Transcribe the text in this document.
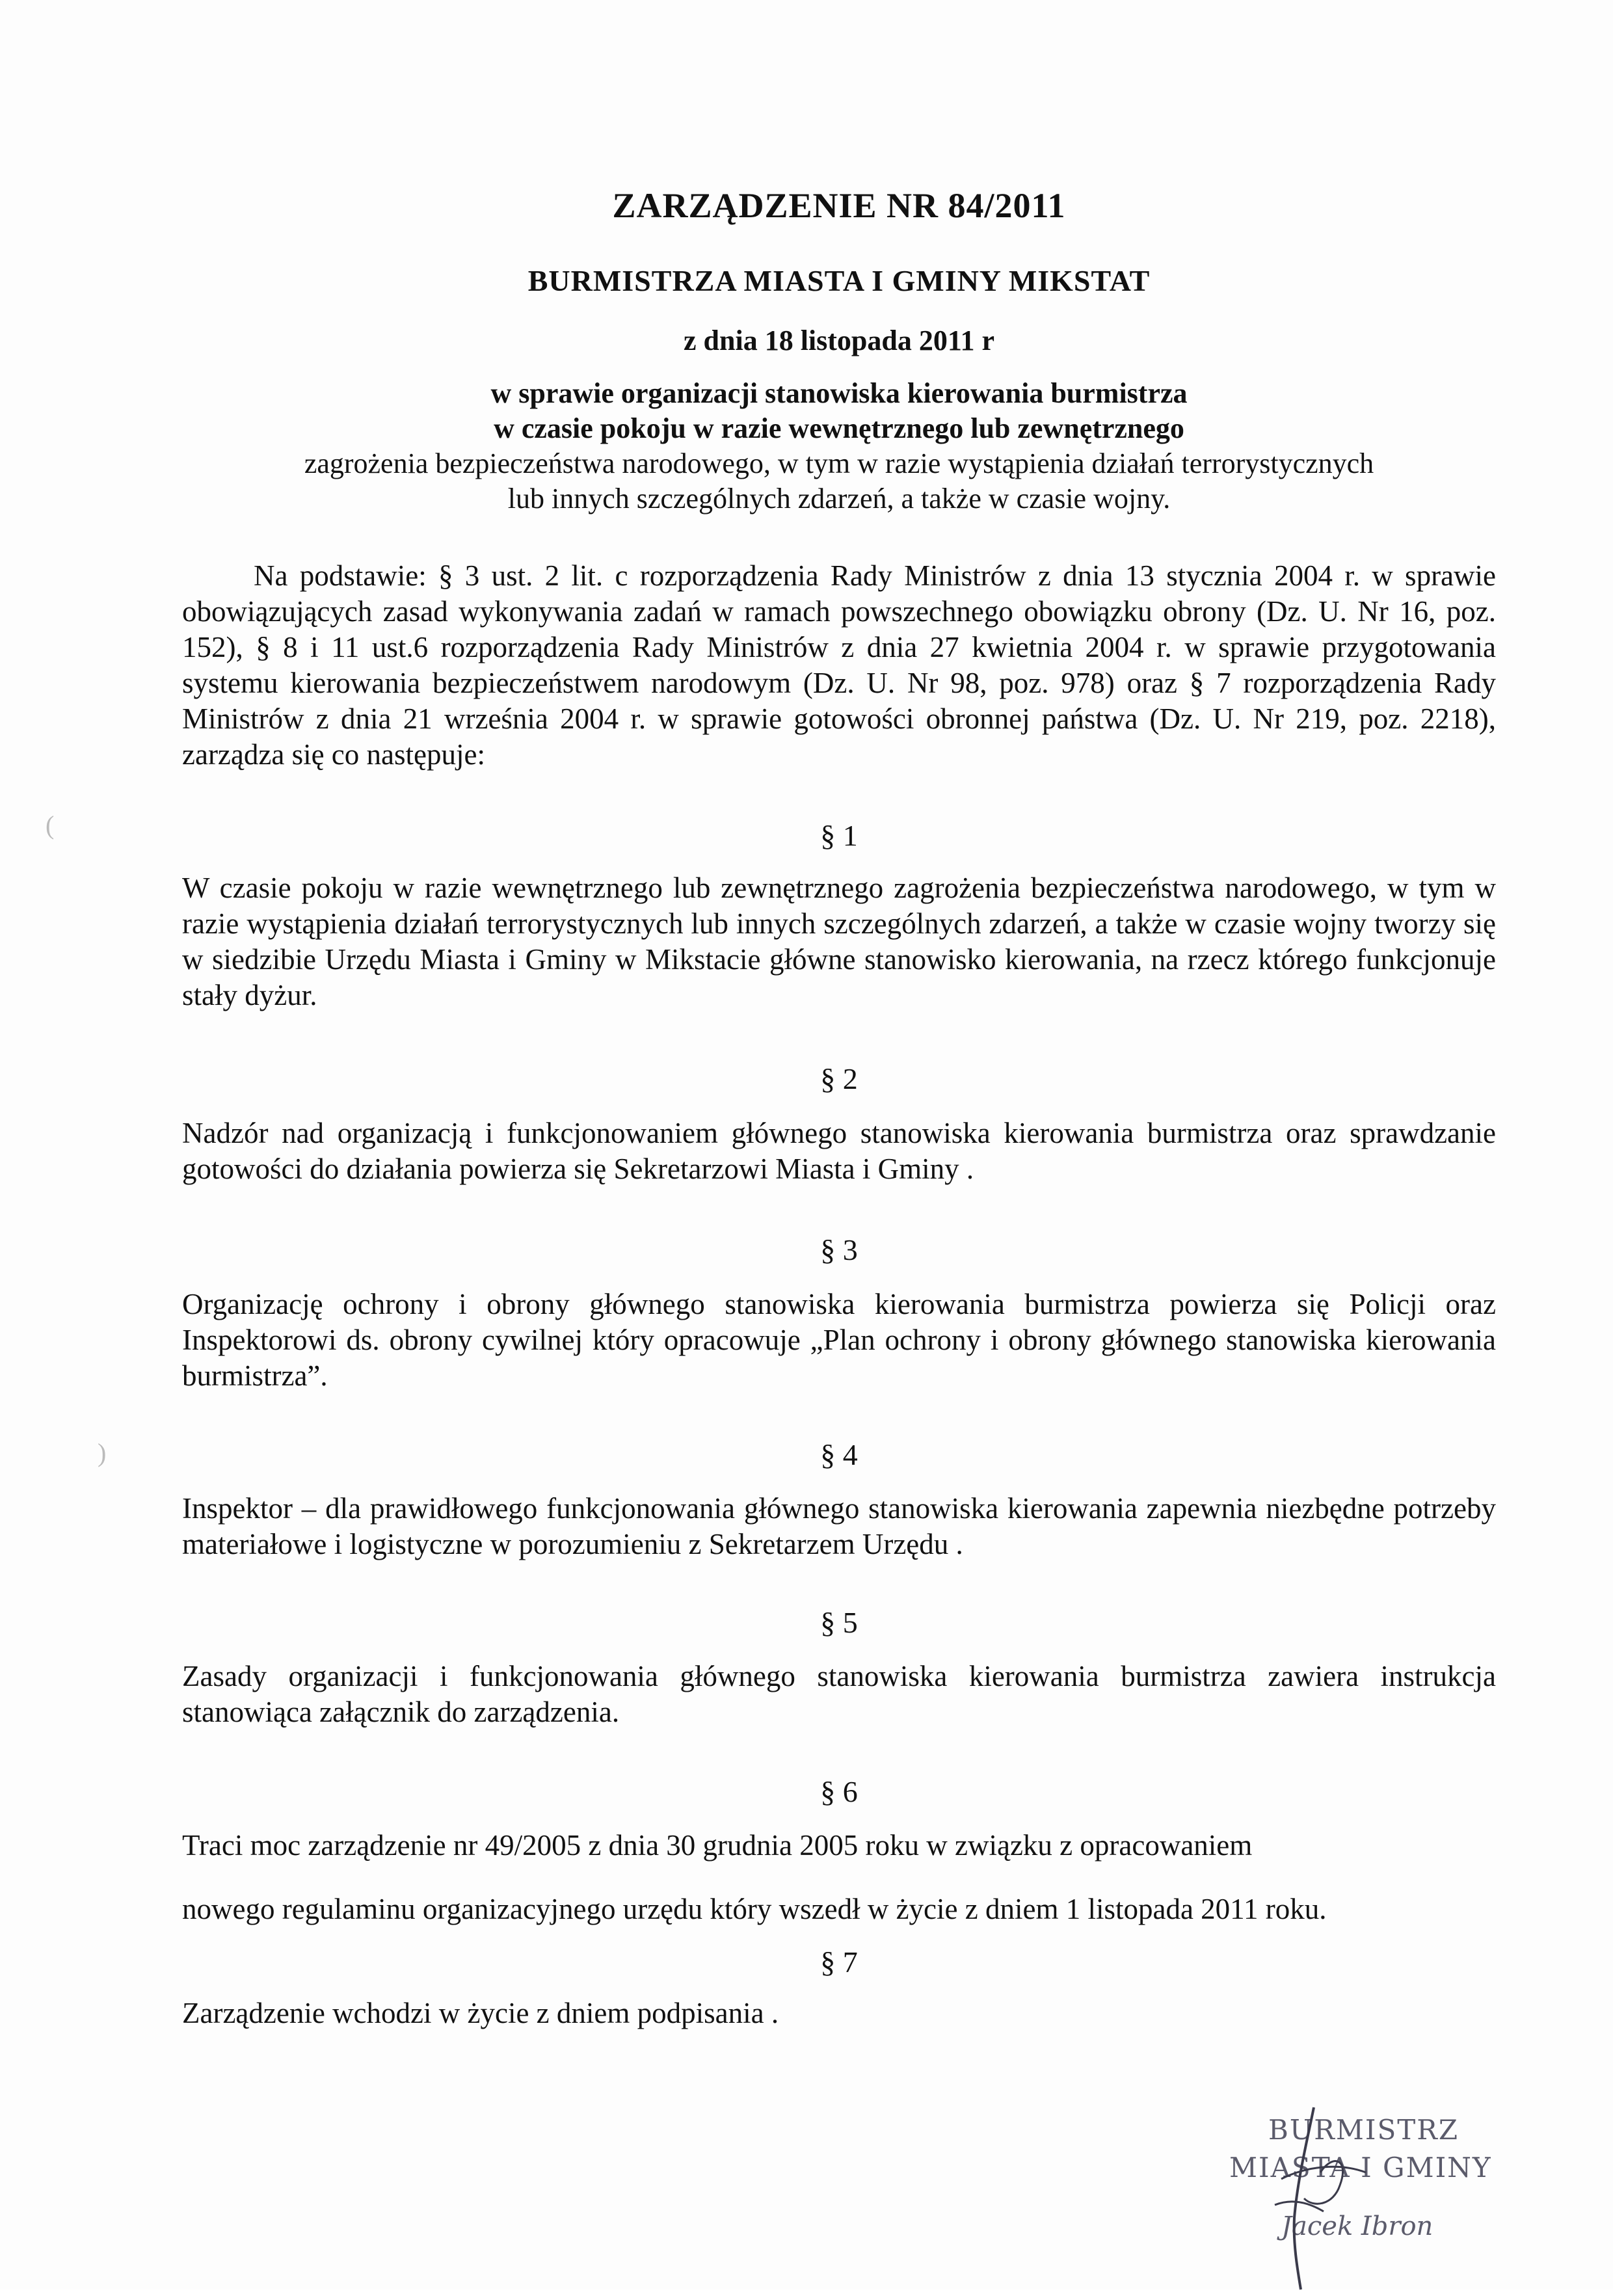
ZARZĄDZENIE NR 84/2011
BURMISTRZA MIASTA I GMINY MIKSTAT
z dnia 18 listopada 2011 r
w sprawie organizacji stanowiska kierowania burmistrza
w czasie pokoju w razie wewnętrznego lub zewnętrznego
zagrożenia bezpieczeństwa narodowego, w tym w razie wystąpienia działań terrorystycznych
lub innych szczególnych zdarzeń, a także w czasie wojny.
Na podstawie: § 3 ust. 2 lit. c rozporządzenia Rady Ministrów z dnia 13 stycznia 2004 r. w sprawie obowiązujących zasad wykonywania zadań w ramach powszechnego obowiązku obrony (Dz. U. Nr 16, poz. 152), § 8 i 11 ust.6 rozporządzenia Rady Ministrów z dnia 27 kwietnia 2004 r. w sprawie przygotowania systemu kierowania bezpieczeństwem narodowym (Dz. U. Nr 98, poz. 978) oraz § 7 rozporządzenia Rady Ministrów z dnia 21 września 2004 r. w sprawie gotowości obronnej państwa (Dz. U. Nr 219, poz. 2218), zarządza się co następuje:
§ 1
W czasie pokoju w razie wewnętrznego lub zewnętrznego zagrożenia bezpieczeństwa narodowego, w tym w razie wystąpienia działań terrorystycznych lub innych szczególnych zdarzeń, a także w czasie wojny tworzy się w siedzibie Urzędu Miasta i Gminy w Mikstacie główne stanowisko kierowania, na rzecz którego funkcjonuje stały dyżur.
§ 2
Nadzór nad organizacją i funkcjonowaniem głównego stanowiska kierowania burmistrza oraz sprawdzanie gotowości do działania powierza się Sekretarzowi Miasta i Gminy .
§ 3
Organizację ochrony i obrony głównego stanowiska kierowania burmistrza powierza się Policji oraz Inspektorowi ds. obrony cywilnej który opracowuje „Plan ochrony i obrony głównego stanowiska kierowania burmistrza”.
§ 4
Inspektor – dla prawidłowego funkcjonowania głównego stanowiska kierowania zapewnia niezbędne potrzeby materiałowe i logistyczne w porozumieniu z Sekretarzem Urzędu .
§ 5
Zasady organizacji i funkcjonowania głównego stanowiska kierowania burmistrza zawiera instrukcja stanowiąca załącznik do zarządzenia.
§ 6
Traci moc zarządzenie nr 49/2005 z dnia 30 grudnia 2005 roku w związku z opracowaniem
nowego regulaminu organizacyjnego urzędu który wszedł w życie z dniem 1 listopada 2011 roku.
§ 7
Zarządzenie wchodzi w życie z dniem podpisania .
(
)
BURMISTRZ
MIASTA I GMINY
Jacek Ibron
